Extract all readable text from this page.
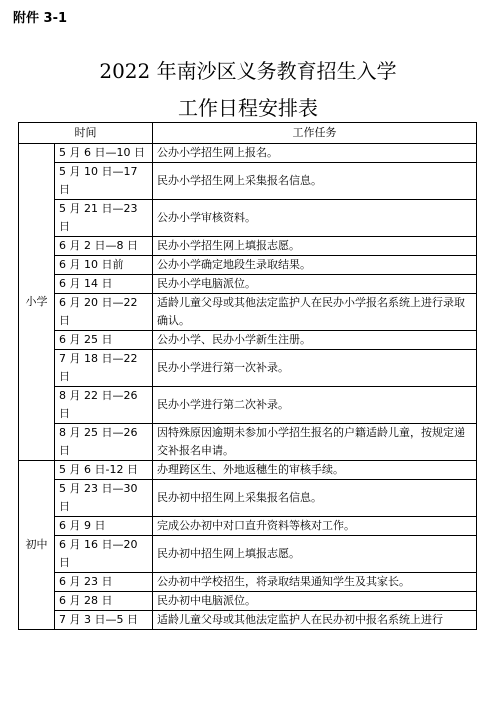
附件 3-1
2022 年南沙区义务教育招生入学
工作日程安排表
时间		工作任务
小学	5 月 6 日—10 日	公办小学招生网上报名。
	5 月 10 日—17 日	民办小学招生网上采集报名信息。
	5 月 21 日—23 日	公办小学审核资料。
	6 月 2 日—8 日	民办小学招生网上填报志愿。
	6 月 10 日前	公办小学确定地段生录取结果。
	6 月 14 日	民办小学电脑派位。
	6 月 20 日—22 日	适龄儿童父母或其他法定监护人在民办小学报名系统上进行录取确认。
	6 月 25 日	公办小学、民办小学新生注册。
	7 月 18 日—22 日	民办小学进行第一次补录。
	8 月 22 日—26 日	民办小学进行第二次补录。
	8 月 25 日—26 日	因特殊原因逾期未参加小学招生报名的户籍适龄儿童，按规定递交补报名申请。
初中	5 月 6 日-12 日	办理跨区生、外地返穗生的审核手续。
	5 月 23 日—30 日	民办初中招生网上采集报名信息。
	6 月 9 日	完成公办初中对口直升资料等核对工作。
	6 月 16 日—20 日	民办初中招生网上填报志愿。
	6 月 23 日	公办初中学校招生，将录取结果通知学生及其家长。
	6 月 28 日	民办初中电脑派位。
	7 月 3 日—5 日	适龄儿童父母或其他法定监护人在民办初中报名系统上进行
